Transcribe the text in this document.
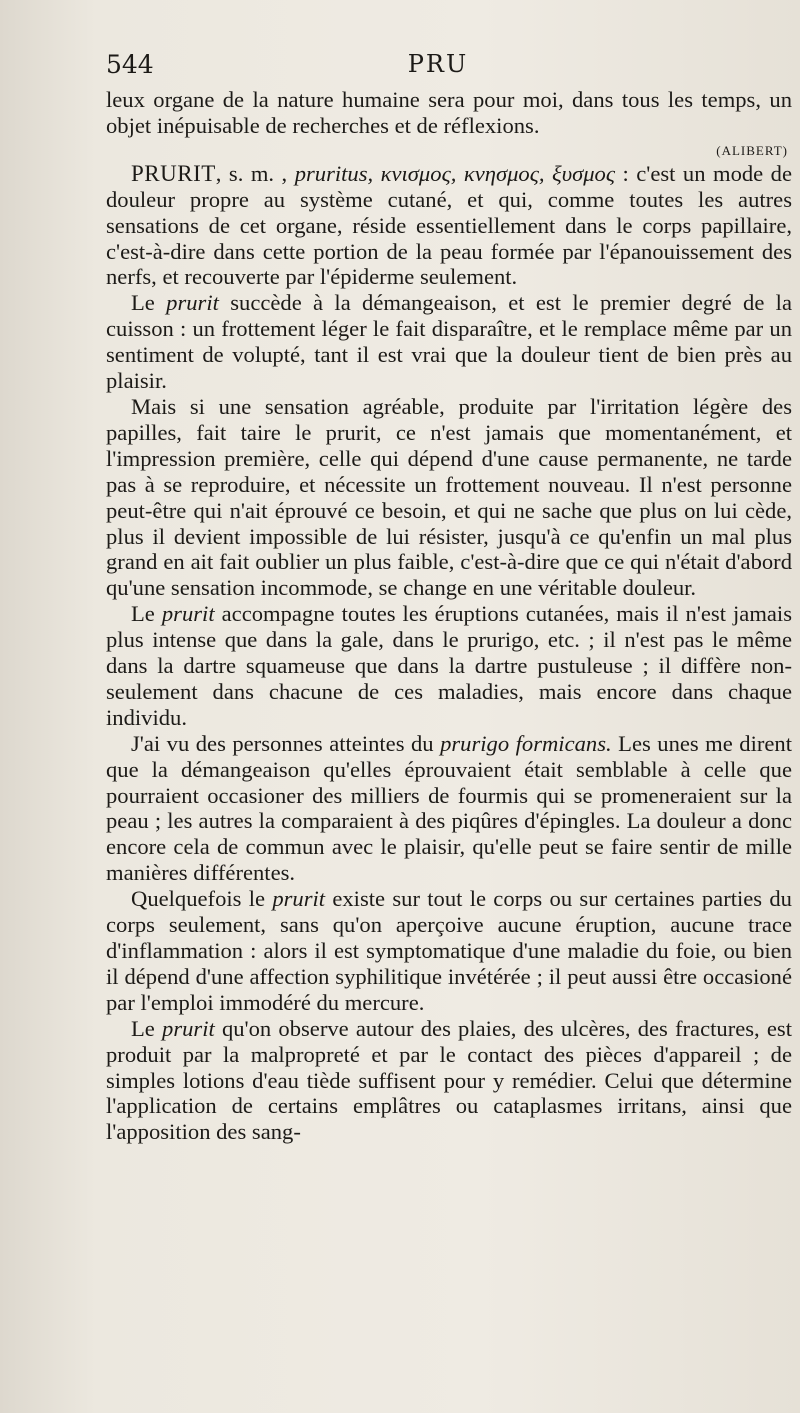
544	PRU

leux organe de la nature humaine sera pour moi, dans tous les temps, un objet inépuisable de recherches et de réflexions.

(ALIBERT)

PRURIT, s. m. , pruritus, κνισμος, κνησμος, ξυσμος : c'est un mode de douleur propre au système cutané, et qui, comme toutes les autres sensations de cet organe, réside essentiellement dans le corps papillaire, c'est-à-dire dans cette portion de la peau formée par l'épanouissement des nerfs, et recouverte par l'épiderme seulement.

Le prurit succède à la démangeaison, et est le premier degré de la cuisson : un frottement léger le fait disparaître, et le remplace même par un sentiment de volupté, tant il est vrai que la douleur tient de bien près au plaisir.

Mais si une sensation agréable, produite par l'irritation légère des papilles, fait taire le prurit, ce n'est jamais que momentanément, et l'impression première, celle qui dépend d'une cause permanente, ne tarde pas à se reproduire, et nécessite un frottement nouveau. Il n'est personne peut-être qui n'ait éprouvé ce besoin, et qui ne sache que plus on lui cède, plus il devient impossible de lui résister, jusqu'à ce qu'enfin un mal plus grand en ait fait oublier un plus faible, c'est-à-dire que ce qui n'était d'abord qu'une sensation incommode, se change en une véritable douleur.

Le prurit accompagne toutes les éruptions cutanées, mais il n'est jamais plus intense que dans la gale, dans le prurigo, etc. ; il n'est pas le même dans la dartre squameuse que dans la dartre pustuleuse ; il diffère non-seulement dans chacune de ces maladies, mais encore dans chaque individu.

J'ai vu des personnes atteintes du prurigo formicans. Les unes me dirent que la démangeaison qu'elles éprouvaient était semblable à celle que pourraient occasioner des milliers de fourmis qui se promeneraient sur la peau ; les autres la comparaient à des piqûres d'épingles. La douleur a donc encore cela de commun avec le plaisir, qu'elle peut se faire sentir de mille manières différentes.

Quelquefois le prurit existe sur tout le corps ou sur certaines parties du corps seulement, sans qu'on aperçoive aucune éruption, aucune trace d'inflammation : alors il est symptomatique d'une maladie du foie, ou bien il dépend d'une affection syphilitique invétérée ; il peut aussi être occasioné par l'emploi immodéré du mercure.

Le prurit qu'on observe autour des plaies, des ulcères, des fractures, est produit par la malpropreté et par le contact des pièces d'appareil ; de simples lotions d'eau tiède suffisent pour y remédier. Celui que détermine l'application de certains emplâtres ou cataplasmes irritans, ainsi que l'apposition des sang-
